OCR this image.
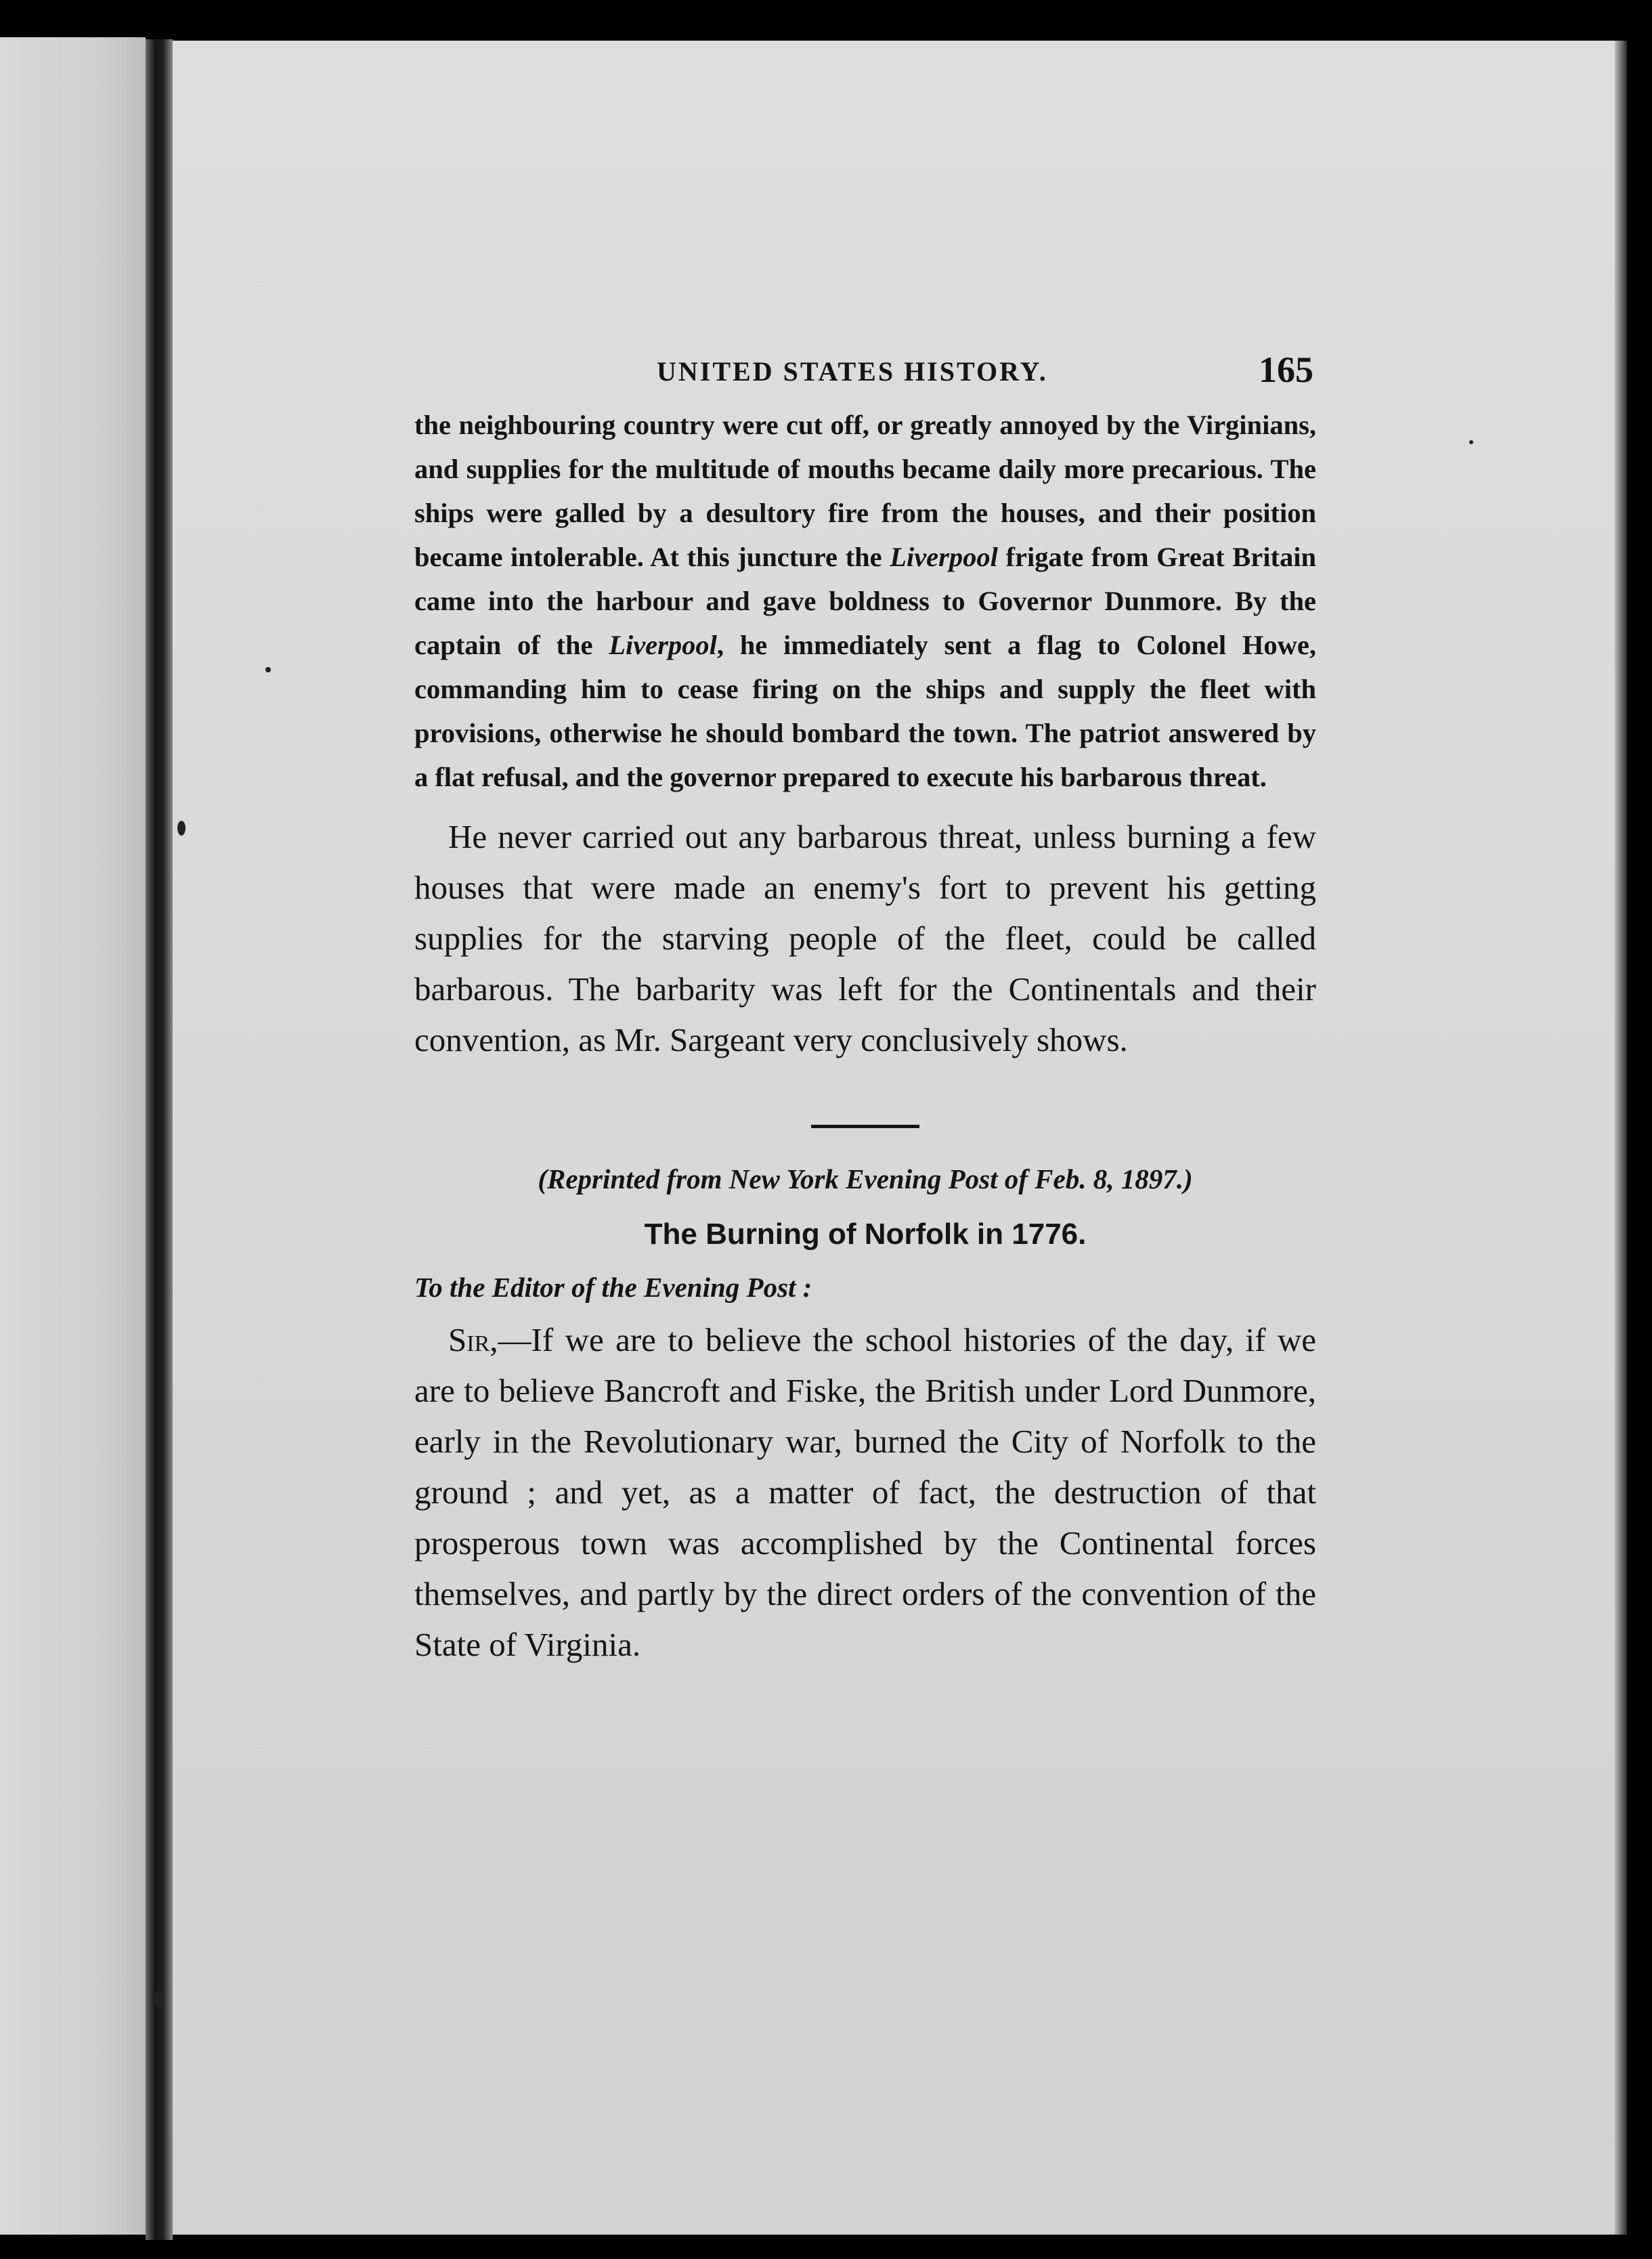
UNITED STATES HISTORY.	165

the neighbouring country were cut off, or greatly annoyed by the Virginians, and supplies for the multitude of mouths became daily more precarious. The ships were galled by a desultory fire from the houses, and their position became intolerable. At this juncture the Liverpool frigate from Great Britain came into the harbour and gave boldness to Governor Dunmore. By the captain of the Liverpool, he immediately sent a flag to Colonel Howe, commanding him to cease firing on the ships and supply the fleet with provisions, otherwise he should bombard the town. The patriot answered by a flat refusal, and the governor prepared to execute his barbarous threat.

He never carried out any barbarous threat, unless burning a few houses that were made an enemy's fort to prevent his getting supplies for the starving people of the fleet, could be called barbarous. The barbarity was left for the Continentals and their convention, as Mr. Sargeant very conclusively shows.

(Reprinted from New York Evening Post of Feb. 8, 1897.)

The Burning of Norfolk in 1776.

To the Editor of the Evening Post :

Sir,—If we are to believe the school histories of the day, if we are to believe Bancroft and Fiske, the British under Lord Dunmore, early in the Revolutionary war, burned the City of Norfolk to the ground ; and yet, as a matter of fact, the destruction of that prosperous town was accomplished by the Continental forces themselves, and partly by the direct orders of the convention of the State of Virginia.
